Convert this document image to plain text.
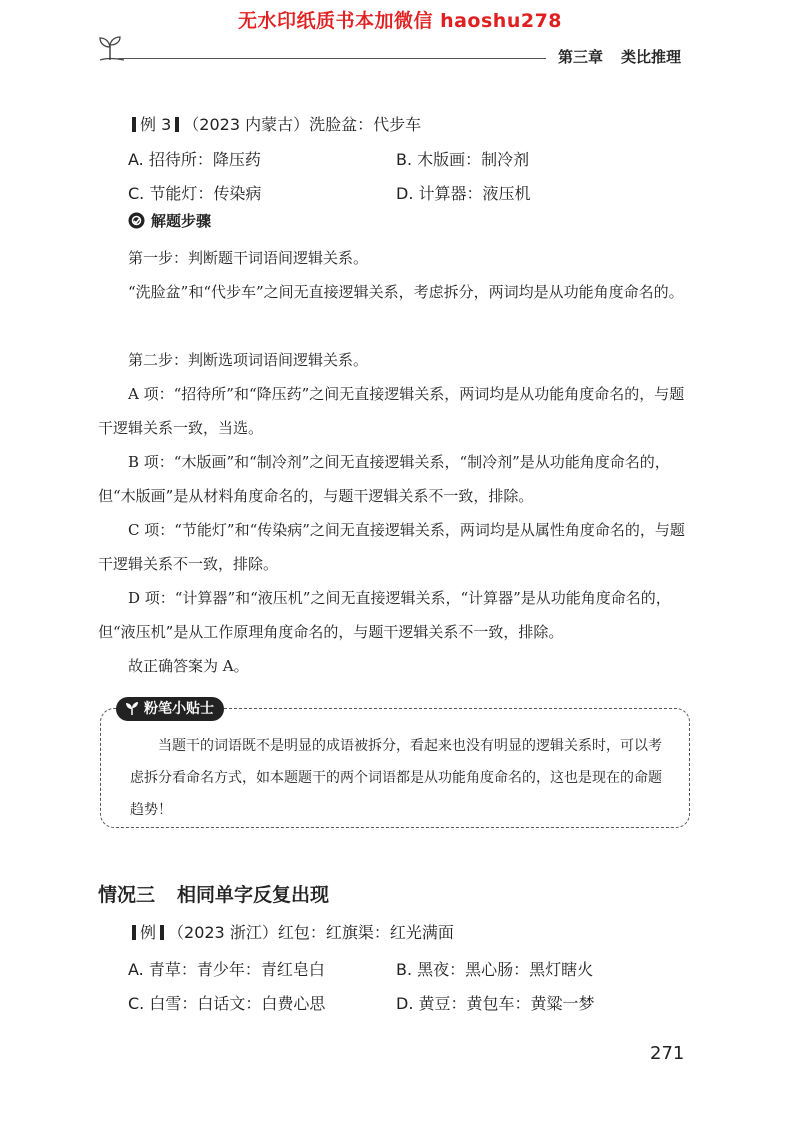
无水印纸质书本加微信 haoshu278
第三章 类比推理
例 3 （2023 内蒙古）洗脸盆：代步车
A. 招待所：降压药	B. 木版画：制冷剂
C. 节能灯：传染病	D. 计算器：液压机
解题步骤
第一步：判断题干词语间逻辑关系。

“洗脸盆”和“代步车”之间无直接逻辑关系，考虑拆分，两词均是从功能角度命名的。

第二步：判断选项词语间逻辑关系。

A 项：“招待所”和“降压药”之间无直接逻辑关系，两词均是从功能角度命名的，与题干逻辑关系一致，当选。

B 项：“木版画”和“制冷剂”之间无直接逻辑关系，“制冷剂”是从功能角度命名的，但“木版画”是从材料角度命名的，与题干逻辑关系不一致，排除。

C 项：“节能灯”和“传染病”之间无直接逻辑关系，两词均是从属性角度命名的，与题干逻辑关系不一致，排除。

D 项：“计算器”和“液压机”之间无直接逻辑关系，“计算器”是从功能角度命名的，但“液压机”是从工作原理角度命名的，与题干逻辑关系不一致，排除。

故正确答案为 A。

粉笔小贴士
当题干的词语既不是明显的成语被拆分，看起来也没有明显的逻辑关系时，可以考虑拆分看命名方式，如本题题干的两个词语都是从功能角度命名的，这也是现在的命题趋势！
情况三 相同单字反复出现
例 （2023 浙江）红包：红旗渠：红光满面
A. 青草：青少年：青红皂白	B. 黑夜：黑心肠：黑灯瞎火
C. 白雪：白话文：白费心思	D. 黄豆：黄包车：黄粱一梦
271
